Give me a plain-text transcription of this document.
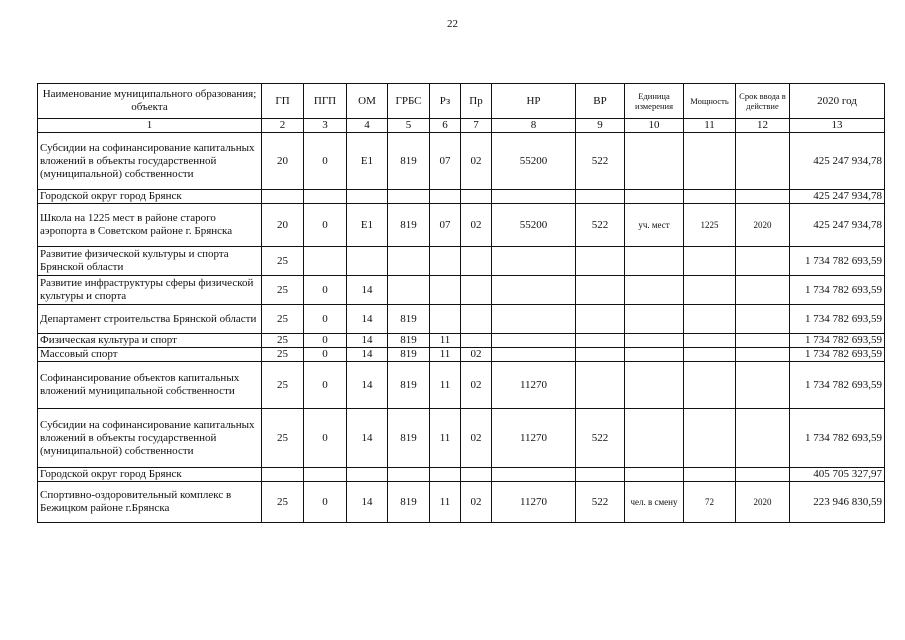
22
Наименование муниципального образования; объекта	ГП	ПГП	ОМ	ГРБС	Рз	Пр	НР	ВР	Единица измерения	Мощность	Срок ввода в действие	2020 год
1	2	3	4	5	6	7	8	9	10	11	12	13
Субсидии на софинансирование капитальных вложений в объекты государственной (муниципальной) собственности	20	0	E1	819	07	02	55200	522				425 247 934,78
Городской округ город Брянск												425 247 934,78
Школа на 1225 мест в районе старого аэропорта в Советском районе г. Брянска	20	0	E1	819	07	02	55200	522	уч. мест	1225	2020	425 247 934,78
Развитие физической культуры и спорта Брянской области	25											1 734 782 693,59
Развитие инфраструктуры сферы физической культуры и спорта	25	0	14									1 734 782 693,59
Департамент строительства Брянской области	25	0	14	819								1 734 782 693,59
Физическая культура и спорт	25	0	14	819	11							1 734 782 693,59
Массовый спорт	25	0	14	819	11	02						1 734 782 693,59
Софинансирование объектов капитальных вложений муниципальной собственности	25	0	14	819	11	02	11270					1 734 782 693,59
Субсидии на софинансирование капитальных вложений в объекты государственной (муниципальной) собственности	25	0	14	819	11	02	11270	522				1 734 782 693,59
Городской округ город Брянск												405 705 327,97
Спортивно-оздоровительный комплекс в Бежицком районе г.Брянска	25	0	14	819	11	02	11270	522	чел. в смену	72	2020	223 946 830,59
